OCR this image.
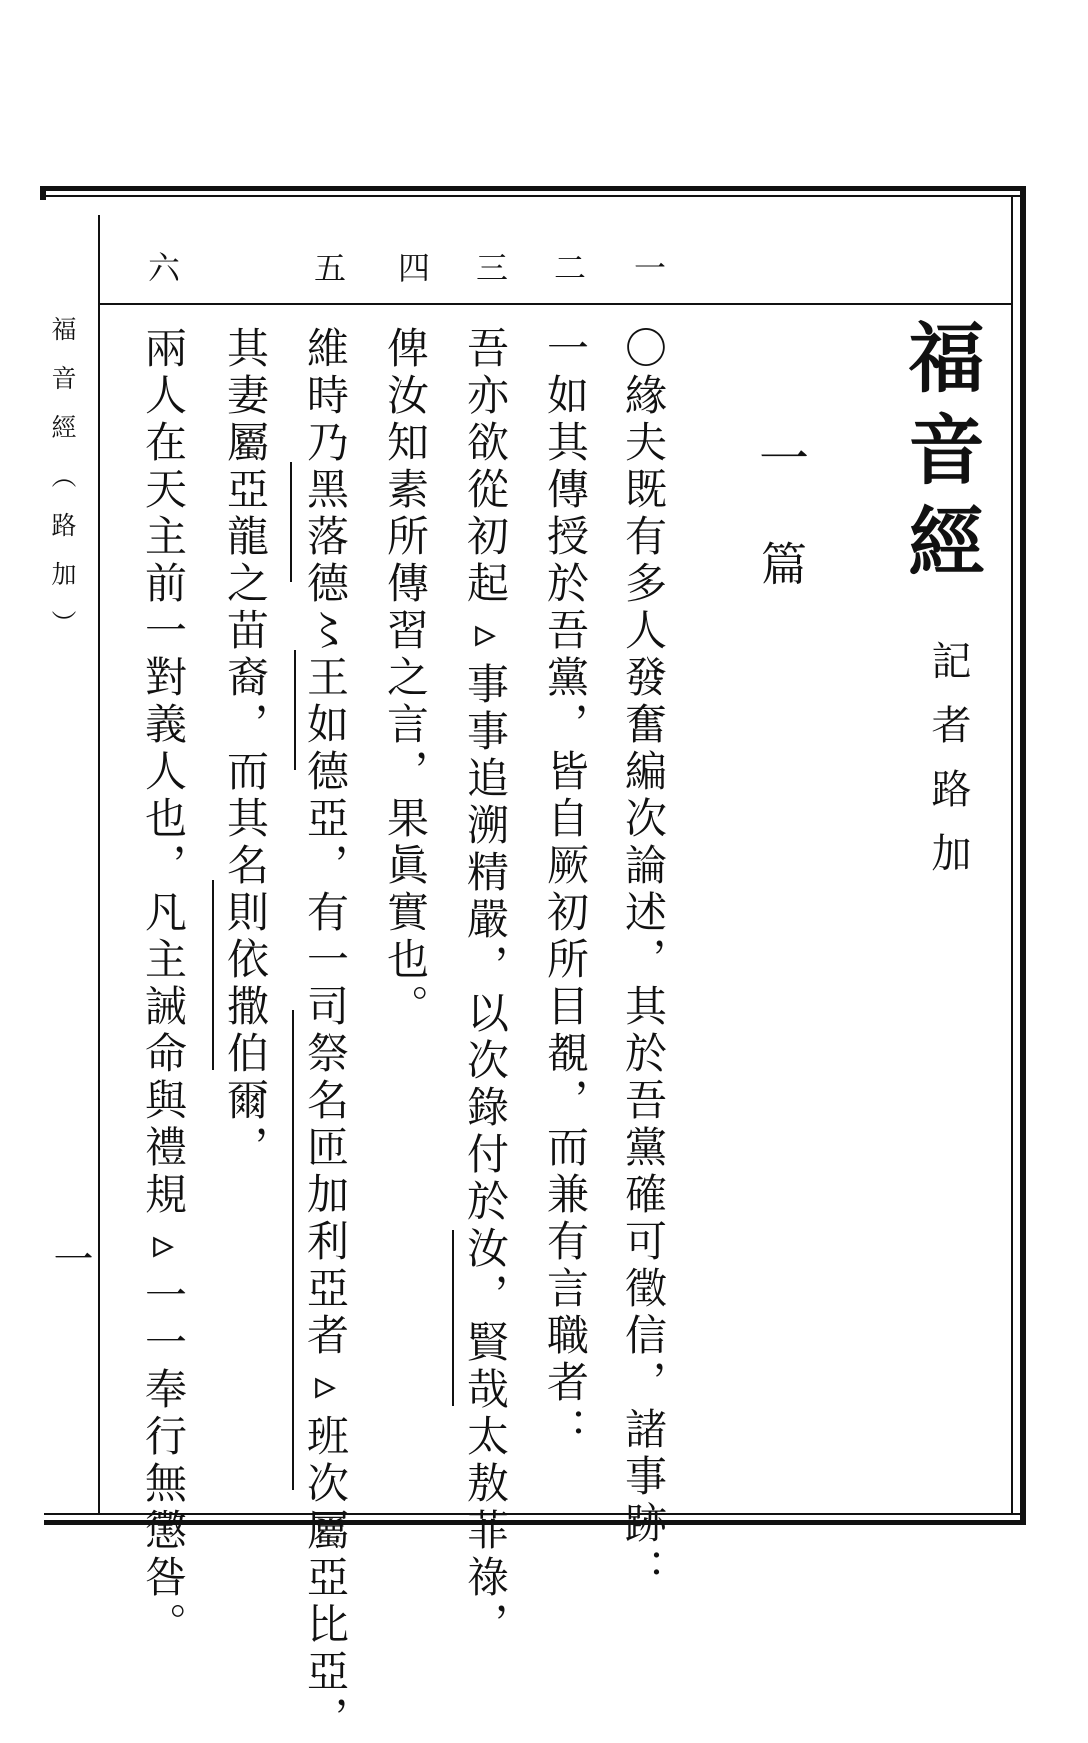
福音經（路加）
一
一
二
三
四
五
六
福音經
記者路加
一
篇
〇緣夫既有多人發奮編次論述，其於吾黨確可徵信，諸事跡：
一如其傳授於吾黨，皆自厥初所目覩，而兼有言職者：
吾亦欲從初起▹事事追溯精嚴，以次錄付於汝，賢哉太敖菲祿，
俾汝知素所傳習之言，果眞實也。
維時乃黑落德〻王如德亞，有一司祭名匝加利亞者▹班次屬亞比亞，
其妻屬亞龍之苗裔，而其名則依撒伯爾，
兩人在天主前一對義人也，凡主誡命與禮規▹一一奉行無懲咎。
